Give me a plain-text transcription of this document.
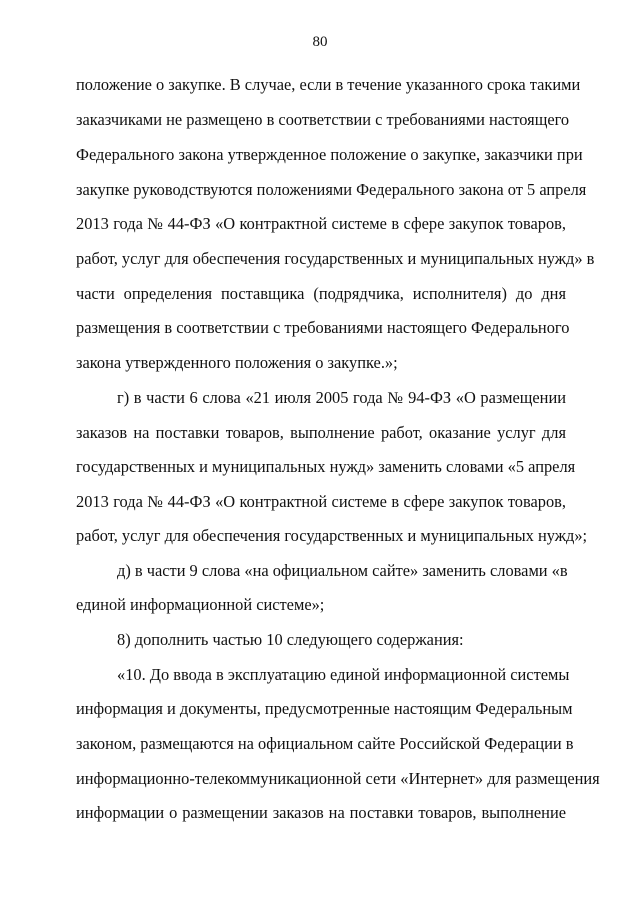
80
положение о закупке. В случае, если в течение указанного срока такими
заказчиками не размещено в соответствии с требованиями настоящего
Федерального закона утвержденное положение о закупке, заказчики при
закупке руководствуются положениями Федерального закона от 5 апреля
2013 года № 44-ФЗ «О контрактной системе в сфере закупок товаров,
работ, услуг для обеспечения государственных и муниципальных нужд» в
части определения поставщика (подрядчика, исполнителя) до дня
размещения в соответствии с требованиями настоящего Федерального
закона утвержденного положения о закупке.»;
г) в части 6 слова «21 июля 2005 года № 94-ФЗ «О размещении
заказов на поставки товаров, выполнение работ, оказание услуг для
государственных и муниципальных нужд» заменить словами «5 апреля
2013 года № 44-ФЗ «О контрактной системе в сфере закупок товаров,
работ, услуг для обеспечения государственных и муниципальных нужд»;
д) в части 9 слова «на официальном сайте» заменить словами «в
единой информационной системе»;
8) дополнить частью 10 следующего содержания:
«10. До ввода в эксплуатацию единой информационной системы
информация и документы, предусмотренные настоящим Федеральным
законом, размещаются на официальном сайте Российской Федерации в
информационно-телекоммуникационной сети «Интернет» для размещения
информации о размещении заказов на поставки товаров, выполнение
